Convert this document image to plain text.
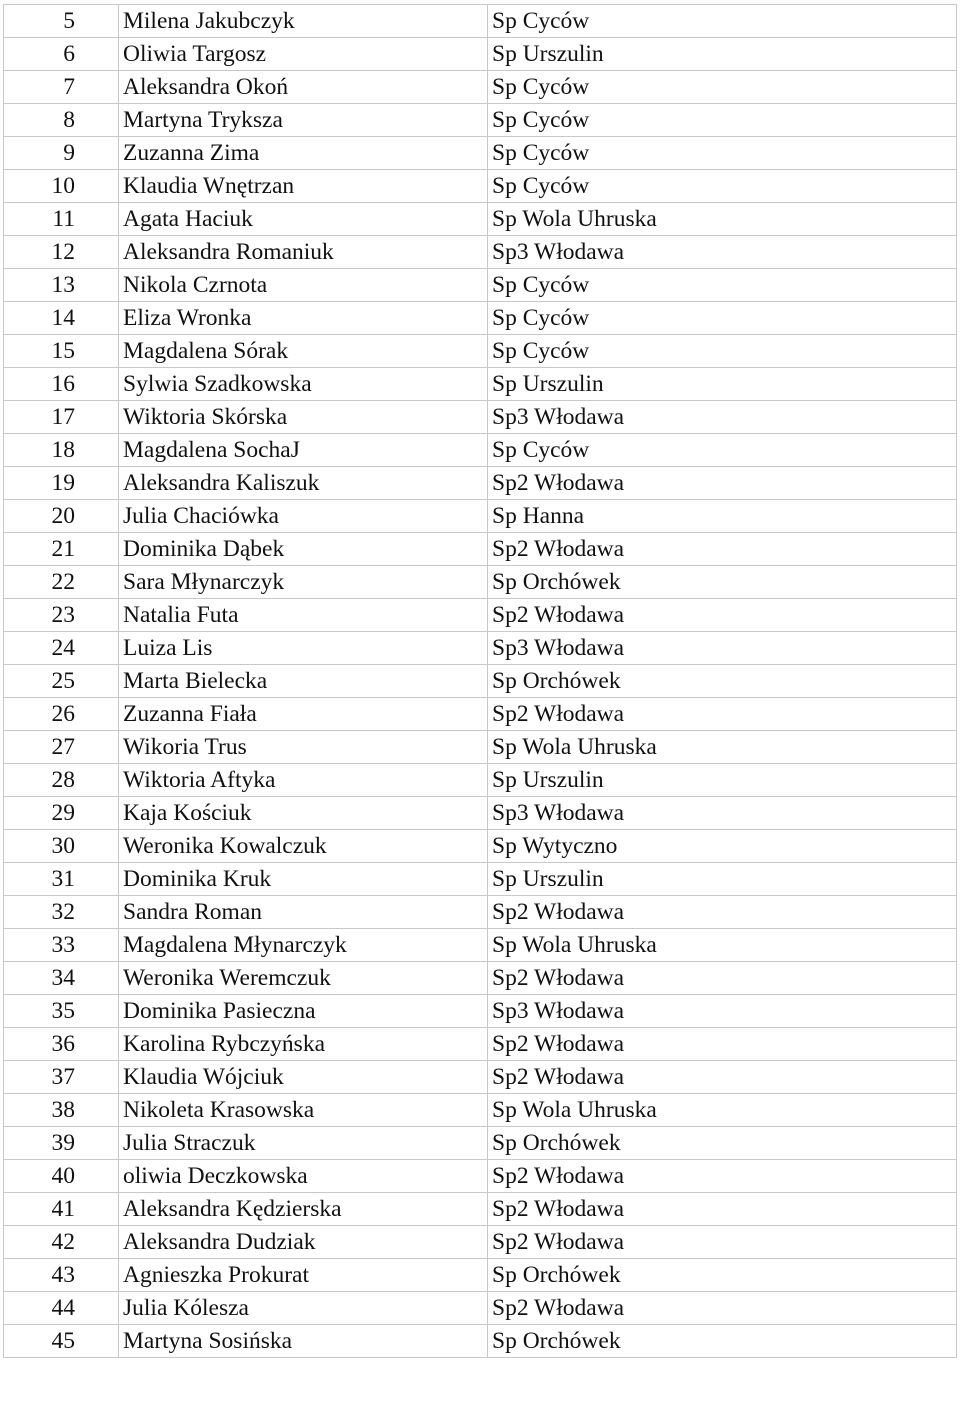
5	Milena Jakubczyk	Sp Cyców
6	Oliwia Targosz	Sp Urszulin
7	Aleksandra Okoń	Sp Cyców
8	Martyna Tryksza	Sp Cyców
9	Zuzanna Zima	Sp Cyców
10	Klaudia Wnętrzan	Sp Cyców
11	Agata Haciuk	Sp Wola Uhruska
12	Aleksandra Romaniuk	Sp3 Włodawa
13	Nikola Czrnota	Sp Cyców
14	Eliza Wronka	Sp Cyców
15	Magdalena Sórak	Sp Cyców
16	Sylwia Szadkowska	Sp Urszulin
17	Wiktoria Skórska	Sp3 Włodawa
18	Magdalena SochaJ	Sp Cyców
19	Aleksandra Kaliszuk	Sp2 Włodawa
20	Julia Chaciówka	Sp Hanna
21	Dominika Dąbek	Sp2 Włodawa
22	Sara Młynarczyk	Sp Orchówek
23	Natalia Futa	Sp2 Włodawa
24	Luiza Lis	Sp3 Włodawa
25	Marta Bielecka	Sp Orchówek
26	Zuzanna Fiała	Sp2 Włodawa
27	Wikoria Trus	Sp Wola Uhruska
28	Wiktoria Aftyka	Sp Urszulin
29	Kaja Kościuk	Sp3 Włodawa
30	Weronika Kowalczuk	Sp Wytyczno
31	Dominika Kruk	Sp Urszulin
32	Sandra Roman	Sp2 Włodawa
33	Magdalena Młynarczyk	Sp Wola Uhruska
34	Weronika Weremczuk	Sp2 Włodawa
35	Dominika Pasieczna	Sp3 Włodawa
36	Karolina Rybczyńska	Sp2 Włodawa
37	Klaudia Wójciuk	Sp2 Włodawa
38	Nikoleta Krasowska	Sp Wola Uhruska
39	Julia Straczuk	Sp Orchówek
40	oliwia Deczkowska	Sp2 Włodawa
41	Aleksandra Kędzierska	Sp2 Włodawa
42	Aleksandra Dudziak	Sp2 Włodawa
43	Agnieszka Prokurat	Sp Orchówek
44	Julia Kólesza	Sp2 Włodawa
45	Martyna Sosińska	Sp Orchówek
